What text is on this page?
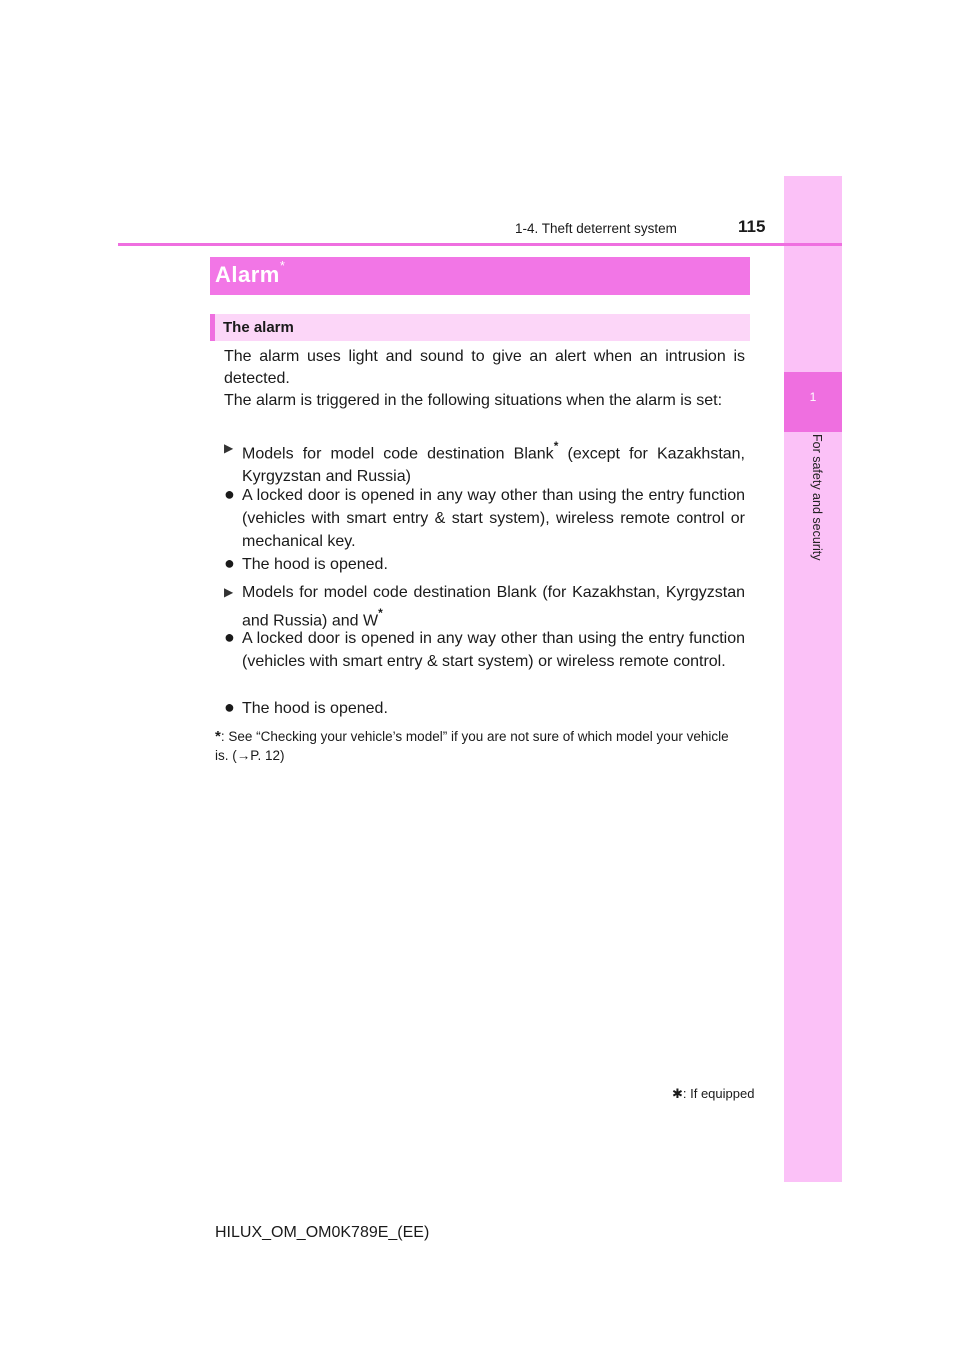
1
For safety and security
1-4. Theft deterrent system	115
Alarm*
The alarm
The alarm uses light and sound to give an alert when an intrusion is detected.
The alarm is triggered in the following situations when the alarm is set:
▶ Models for model code destination Blank* (except for Kazakhstan, Kyrgyzstan and Russia)
● A locked door is opened in any way other than using the entry function (vehicles with smart entry & start system), wireless remote control or mechanical key.
● The hood is opened.
▶ Models for model code destination Blank (for Kazakhstan, Kyrgyzstan and Russia) and W*
● A locked door is opened in any way other than using the entry function (vehicles with smart entry & start system) or wireless remote control.
● The hood is opened.
*: See “Checking your vehicle’s model” if you are not sure of which model your vehicle is. (→P. 12)
✱: If equipped
HILUX_OM_OM0K789E_(EE)
